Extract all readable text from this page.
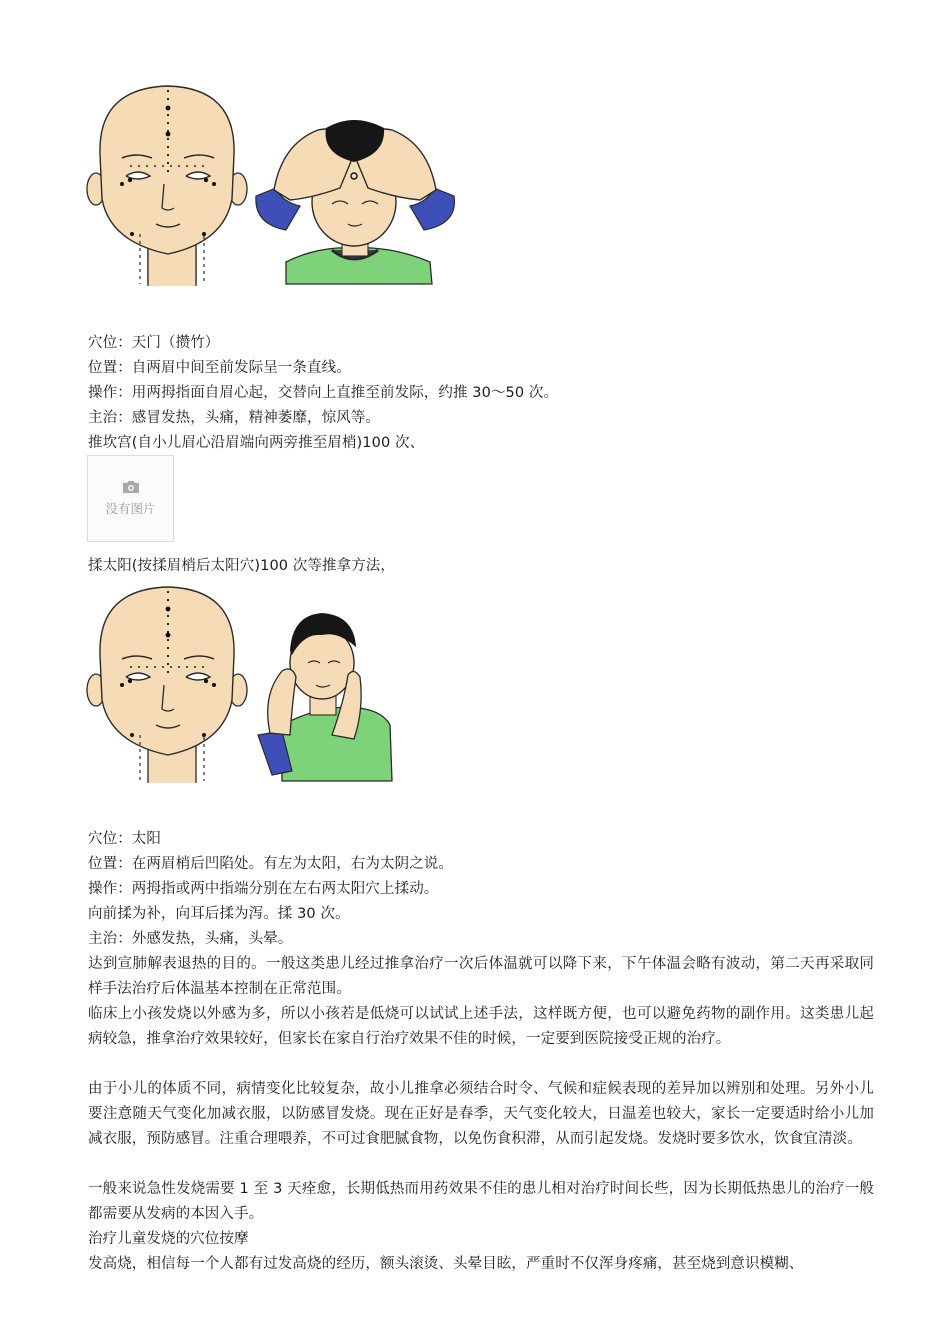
穴位：天门（攒竹）
位置：自两眉中间至前发际呈一条直线。
操作：用两拇指面自眉心起，交替向上直推至前发际，约推 30～50 次。
主治：感冒发热，头痛，精神萎靡，惊风等。
推坎宫(自小儿眉心沿眉端向两旁推至眉梢)100 次、
没有图片
揉太阳(按揉眉梢后太阳穴)100 次等推拿方法，
穴位：太阳
位置：在两眉梢后凹陷处。有左为太阳，右为太阴之说。
操作：两拇指或两中指端分别在左右两太阳穴上揉动。
向前揉为补，向耳后揉为泻。揉 30 次。
主治：外感发热，头痛，头晕。
达到宣肺解表退热的目的。一般这类患儿经过推拿治疗一次后体温就可以降下来，下午体温会略有波动，第二天再采取同样手法治疗后体温基本控制在正常范围。
临床上小孩发烧以外感为多，所以小孩若是低烧可以试试上述手法，这样既方便，也可以避免药物的副作用。这类患儿起病较急，推拿治疗效果较好，但家长在家自行治疗效果不佳的时候，一定要到医院接受正规的治疗。
由于小儿的体质不同，病情变化比较复杂，故小儿推拿必须结合时令、气候和症候表现的差异加以辨别和处理。另外小儿要注意随天气变化加减衣服，以防感冒发烧。现在正好是春季，天气变化较大，日温差也较大，家长一定要适时给小儿加减衣服，预防感冒。注重合理喂养，不可过食肥腻食物，以免伤食积滞，从而引起发烧。发烧时要多饮水，饮食宜清淡。
一般来说急性发烧需要 1 至 3 天痊愈，长期低热而用药效果不佳的患儿相对治疗时间长些，因为长期低热患儿的治疗一般都需要从发病的本因入手。
治疗儿童发烧的穴位按摩
发高烧，相信每一个人都有过发高烧的经历，额头滚烫、头晕目眩，严重时不仅浑身疼痛，甚至烧到意识模糊、
